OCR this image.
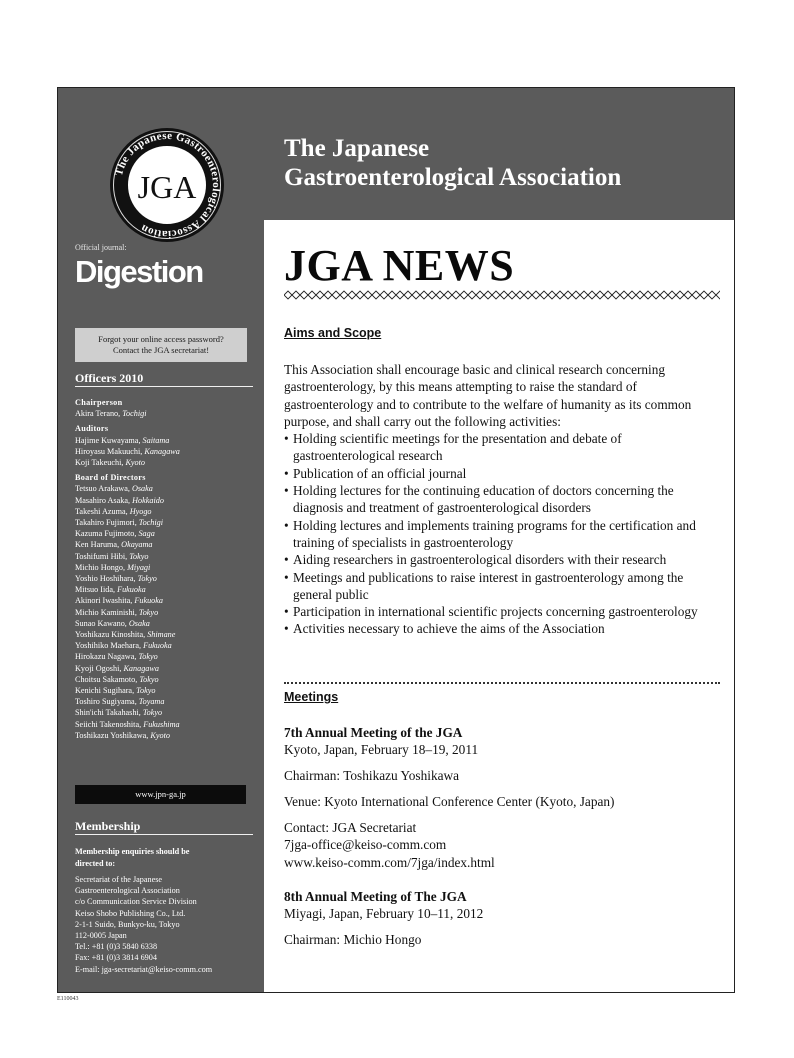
The Japanese Gastroenterological Association
JGA
Official journal:
Digestion
Forgot your online access password?
Contact the JGA secretariat!
Officers 2010
Chairperson
Akira Terano, Tochigi
Auditors
Hajime Kuwayama, Saitama
Hiroyasu Makuuchi, Kanagawa
Koji Takeuchi, Kyoto
Board of Directors
Tetsuo Arakawa, Osaka
Masahiro Asaka, Hokkaido
Takeshi Azuma, Hyogo
Takahiro Fujimori, Tochigi
Kazuma Fujimoto, Saga
Ken Haruma, Okayama
Toshifumi Hibi, Tokyo
Michio Hongo, Miyagi
Yoshio Hoshihara, Tokyo
Mitsuo Iida, Fukuoka
Akinori Iwashita, Fukuoka
Michio Kaminishi, Tokyo
Sunao Kawano, Osaka
Yoshikazu Kinoshita, Shimane
Yoshihiko Maehara, Fukuoka
Hirokazu Nagawa, Tokyo
Kyoji Ogoshi, Kanagawa
Choitsu Sakamoto, Tokyo
Kenichi Sugihara, Tokyo
Toshiro Sugiyama, Toyama
Shin'ichi Takahashi, Tokyo
Seiichi Takenoshita, Fukushima
Toshikazu Yoshikawa, Kyoto
www.jpn-ga.jp
Membership
Membership enquiries should be
directed to:
Secretariat of the Japanese
Gastroenterological Association
c/o Communication Service Division
Keiso Shobo Publishing Co., Ltd.
2-1-1 Suido, Bunkyo-ku, Tokyo
112-0005 Japan
Tel.: +81 (0)3 5840 6338
Fax: +81 (0)3 3814 6904
E-mail: jga-secretariat@keiso-comm.com
The Japanese
Gastroenterological Association
JGA NEWS
Aims and Scope
This Association shall encourage basic and clinical research concerning gastroenterology, by this means attempting to raise the standard of gastroenterology and to contribute to the welfare of humanity as its common purpose, and shall carry out the following activities:
• Holding scientific meetings for the presentation and debate of gastroenterological research
• Publication of an official journal
• Holding lectures for the continuing education of doctors concerning the diagnosis and treatment of gastroenterological disorders
• Holding lectures and implements training programs for the certification and training of specialists in gastroenterology
• Aiding researchers in gastroenterological disorders with their research
• Meetings and publications to raise interest in gastroenterology among the general public
• Participation in international scientific projects concerning gastroenterology
• Activities necessary to achieve the aims of the Association
Meetings
7th Annual Meeting of the JGA
Kyoto, Japan, February 18–19, 2011
Chairman: Toshikazu Yoshikawa
Venue: Kyoto International Conference Center (Kyoto, Japan)
Contact: JGA Secretariat
7jga-office@keiso-comm.com
www.keiso-comm.com/7jga/index.html
8th Annual Meeting of The JGA
Miyagi, Japan, February 10–11, 2012
Chairman: Michio Hongo
E110043
